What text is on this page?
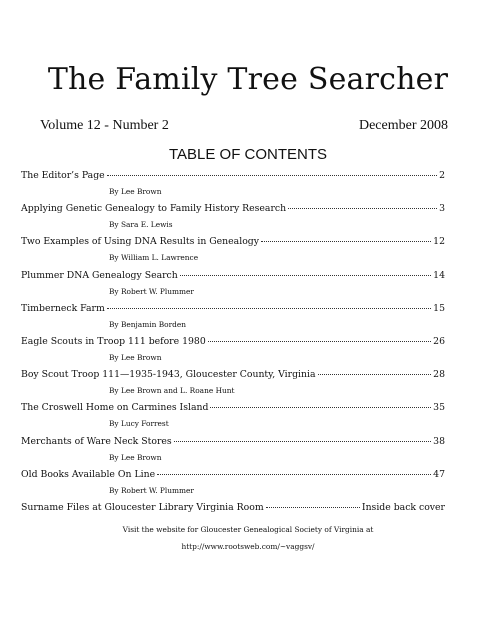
The Family Tree Searcher
Volume 12 - Number 2	December 2008
TABLE OF CONTENTS
The Editor’s Page	2
By Lee Brown
Applying Genetic Genealogy to Family History Research	3
By Sara E. Lewis
Two Examples of Using DNA Results in Genealogy	12
By William L. Lawrence
Plummer DNA Genealogy Search	14
By Robert W. Plummer
Timberneck Farm	15
By Benjamin Borden
Eagle Scouts in Troop 111 before 1980	26
By Lee Brown
Boy Scout Troop 111—1935-1943, Gloucester County, Virginia	28
By Lee Brown and L. Roane Hunt
The Croswell Home on Carmines Island	35
By Lucy Forrest
Merchants of Ware Neck Stores	38
By Lee Brown
Old Books Available On Line	47
By Robert W. Plummer
Surname Files at Gloucester Library Virginia Room	Inside back cover
Visit the website for Gloucester Genealogical Society of Virginia at
http://www.rootsweb.com/~vaggsv/
